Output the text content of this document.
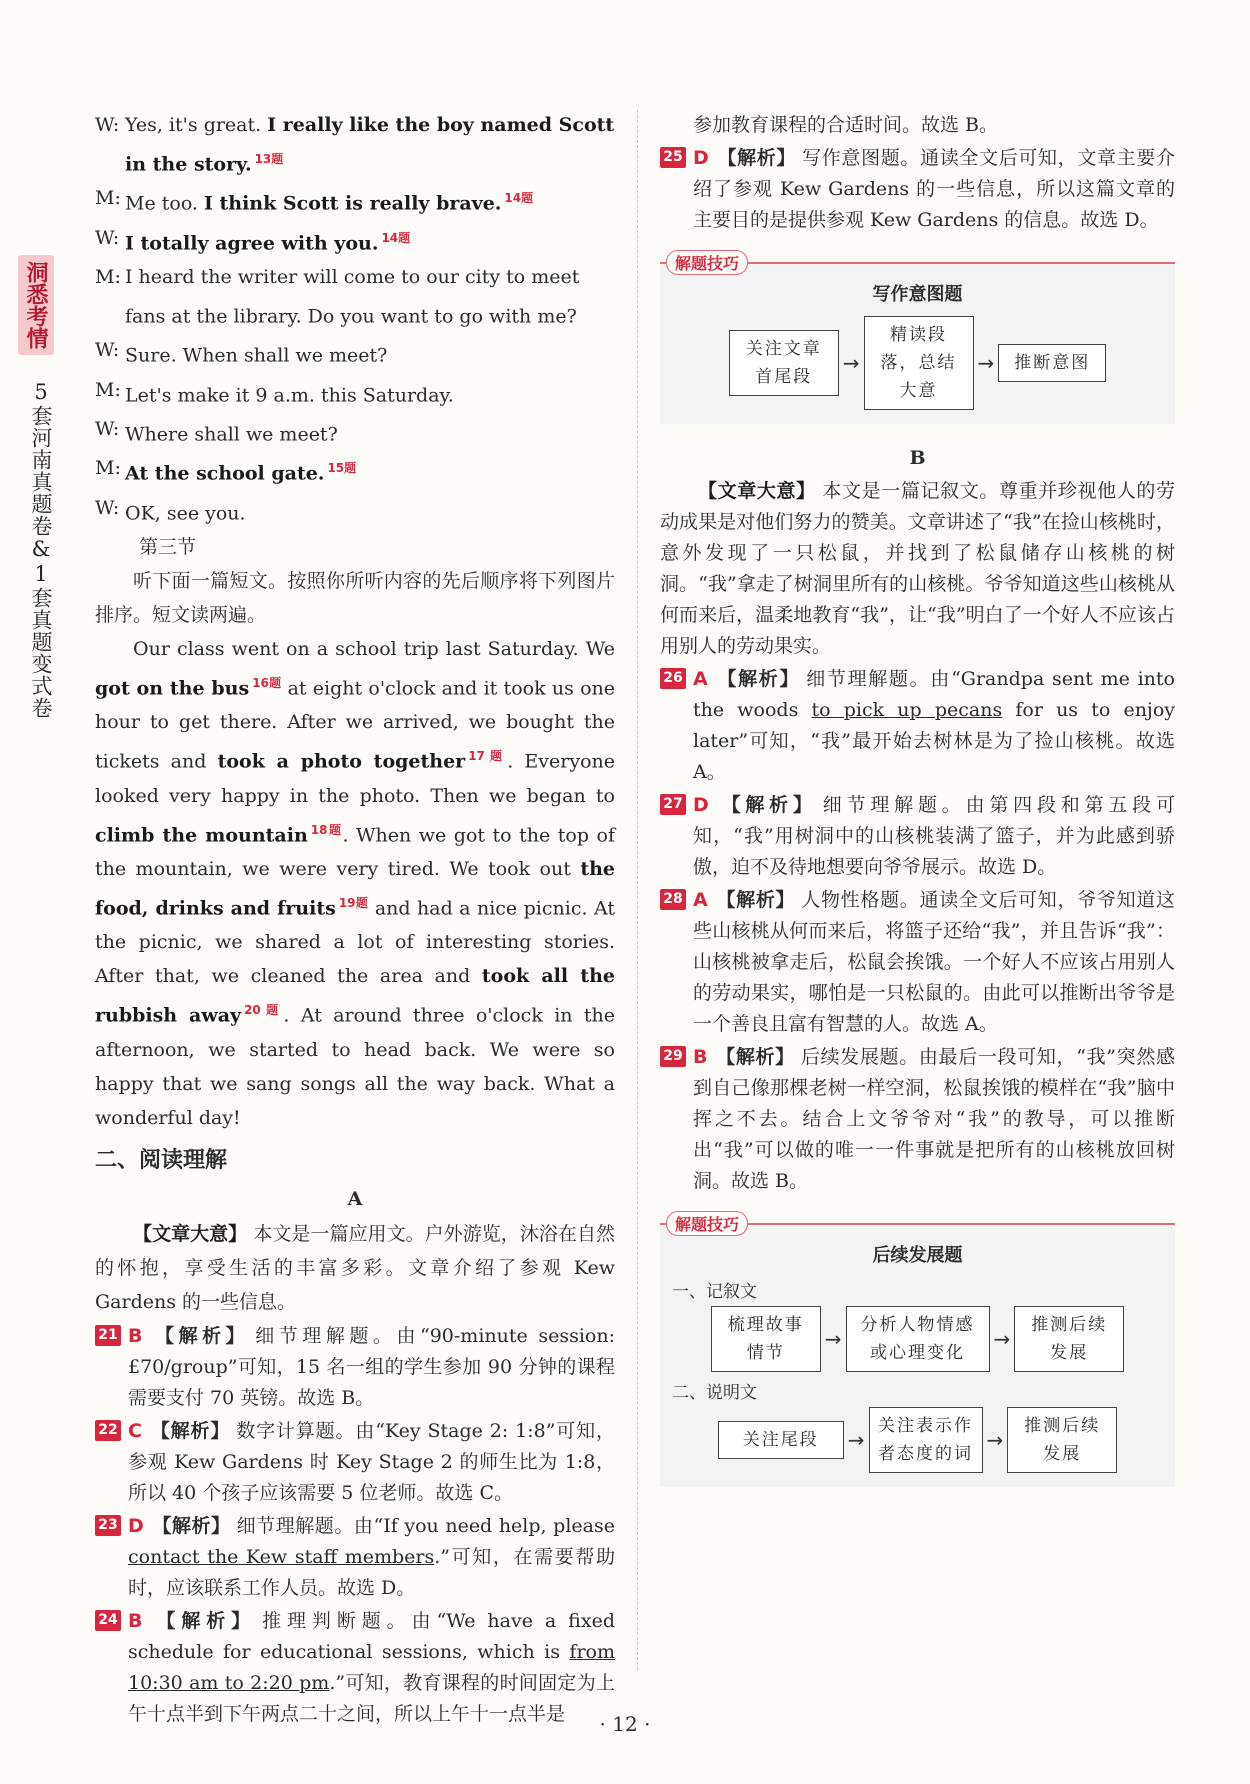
洞悉考情
5套河南真题卷&1套真题变式卷
W: Yes, it's great. I really like the boy named Scott in the story. $^{13题}$
M: Me too. I think Scott is really brave. $^{14题}$
W: I totally agree with you. $^{14题}$
M: I heard the writer will come to our city to meet fans at the library. Do you want to go with me?
W: Sure. When shall we meet?
M: Let's make it 9 a.m. this Saturday.
W: Where shall we meet?
M: At the school gate. $^{15题}$
W: OK, see you.

第三节

听下面一篇短文。按照你所听内容的先后顺序将下列图片排序。短文读两遍。

Our class went on a school trip last Saturday. We got on the bus $^{16题}$ at eight o'clock and it took us one hour to get there. After we arrived, we bought the tickets and took a photo together $^{17题}$. Everyone looked very happy in the photo. Then we began to climb the mountain $^{18题}$. When we got to the top of the mountain, we were very tired. We took out the food, drinks and fruits $^{19题}$ and had a nice picnic. At the picnic, we shared a lot of interesting stories. After that, we cleaned the area and took all the rubbish away $^{20题}$. At around three o'clock in the afternoon, we started to head back. We were so happy that we sang songs all the way back. What a wonderful day!

二、阅读理解
A

【文章大意】 本文是一篇应用文。户外游览，沐浴在自然的怀抱，享受生活的丰富多彩。文章介绍了参观 Kew Gardens 的一些信息。

21 B 【解析】 细节理解题。由“90-minute session: £70/group”可知，15 名一组的学生参加 90 分钟的课程需要支付 70 英镑。故选 B。
22 C 【解析】 数字计算题。由“Key Stage 2: 1:8”可知，参观 Kew Gardens 时 Key Stage 2 的师生比为 1:8，所以 40 个孩子应该需要 5 位老师。故选 C。
23 D 【解析】 细节理解题。由“If you need help, please contact the Kew staff members.”可知，在需要帮助时，应该联系工作人员。故选 D。
24 B 【解析】 推理判断题。由“We have a fixed schedule for educational sessions, which is from 10:30 am to 2:20 pm.”可知，教育课程的时间固定为上午十点半到下午两点二十之间，所以上午十一点半是
参加教育课程的合适时间。故选 B。
25 D 【解析】 写作意图题。通读全文后可知，文章主要介绍了参观 Kew Gardens 的一些信息，所以这篇文章的主要目的是提供参观 Kew Gardens 的信息。故选 D。
解题技巧
写作意图题
关注文章首尾段
→
精读段落，总结大意
→	推断意图
B

【文章大意】 本文是一篇记叙文。尊重并珍视他人的劳动成果是对他们努力的赞美。文章讲述了“我”在捡山核桃时，意外发现了一只松鼠，并找到了松鼠储存山核桃的树洞。“我”拿走了树洞里所有的山核桃。爷爷知道这些山核桃从何而来后，温柔地教育“我”，让“我”明白了一个好人不应该占用别人的劳动果实。

26 A 【解析】 细节理解题。由“Grandpa sent me into the woods to pick up pecans for us to enjoy later”可知，“我”最开始去树林是为了捡山核桃。故选 A。
27 D 【解析】 细节理解题。由第四段和第五段可知，“我”用树洞中的山核桃装满了篮子，并为此感到骄傲，迫不及待地想要向爷爷展示。故选 D。
28 A 【解析】 人物性格题。通读全文后可知，爷爷知道这些山核桃从何而来后，将篮子还给“我”，并且告诉“我”：山核桃被拿走后，松鼠会挨饿。一个好人不应该占用别人的劳动果实，哪怕是一只松鼠的。由此可以推断出爷爷是一个善良且富有智慧的人。故选 A。
29 B 【解析】 后续发展题。由最后一段可知，“我”突然感到自己像那棵老树一样空洞，松鼠挨饿的模样在“我”脑中挥之不去。结合上文爷爷对“我”的教导，可以推断出“我”可以做的唯一一件事就是把所有的山核桃放回树洞。故选 B。
解题技巧
后续发展题
一、记叙文
梳理故事情节
→
分析人物情感或心理变化
→
推测后续发展
二、说明文
关注尾段	→
关注表示作者态度的词
→
推测后续发展
· 12 ·
